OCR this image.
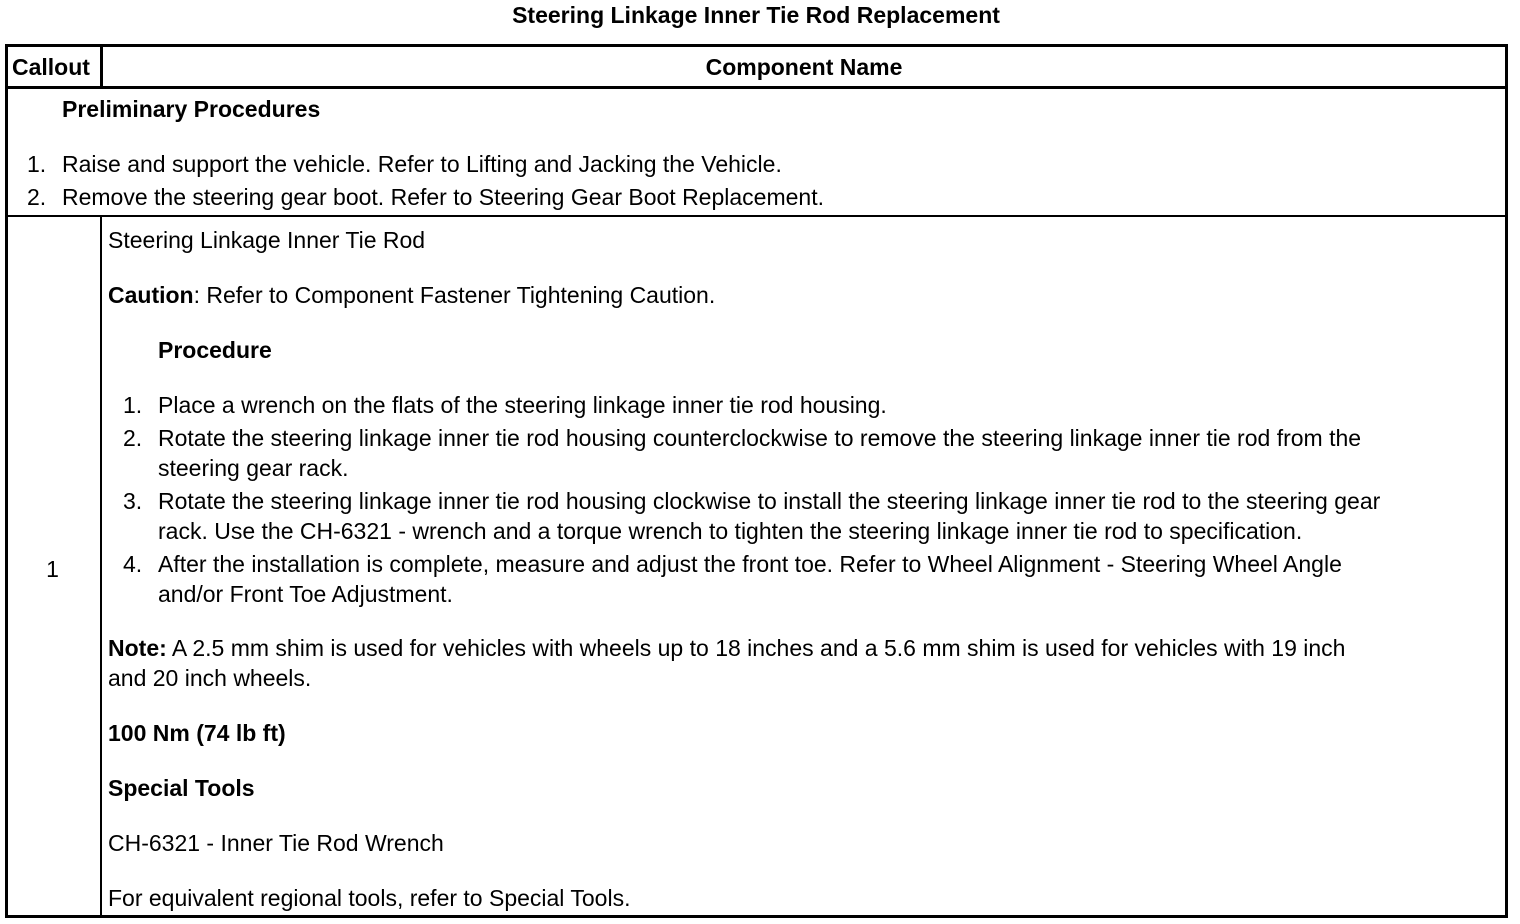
Steering Linkage Inner Tie Rod Replacement
Callout	Component Name
Preliminary Procedures
1. Raise and support the vehicle. Refer to Lifting and Jacking the Vehicle.
2. Remove the steering gear boot. Refer to Steering Gear Boot Replacement.
1
Steering Linkage Inner Tie Rod
Caution: Refer to Component Fastener Tightening Caution.
Procedure
1. Place a wrench on the flats of the steering linkage inner tie rod housing.
2. Rotate the steering linkage inner tie rod housing counterclockwise to remove the steering linkage inner tie rod from the
steering gear rack.
3. Rotate the steering linkage inner tie rod housing clockwise to install the steering linkage inner tie rod to the steering gear
rack. Use the CH-6321 - wrench and a torque wrench to tighten the steering linkage inner tie rod to specification.
4. After the installation is complete, measure and adjust the front toe. Refer to Wheel Alignment - Steering Wheel Angle
and/or Front Toe Adjustment.
Note: A 2.5 mm shim is used for vehicles with wheels up to 18 inches and a 5.6 mm shim is used for vehicles with 19 inch
and 20 inch wheels.
100 Nm (74 lb ft)
Special Tools
CH-6321 - Inner Tie Rod Wrench
For equivalent regional tools, refer to Special Tools.
